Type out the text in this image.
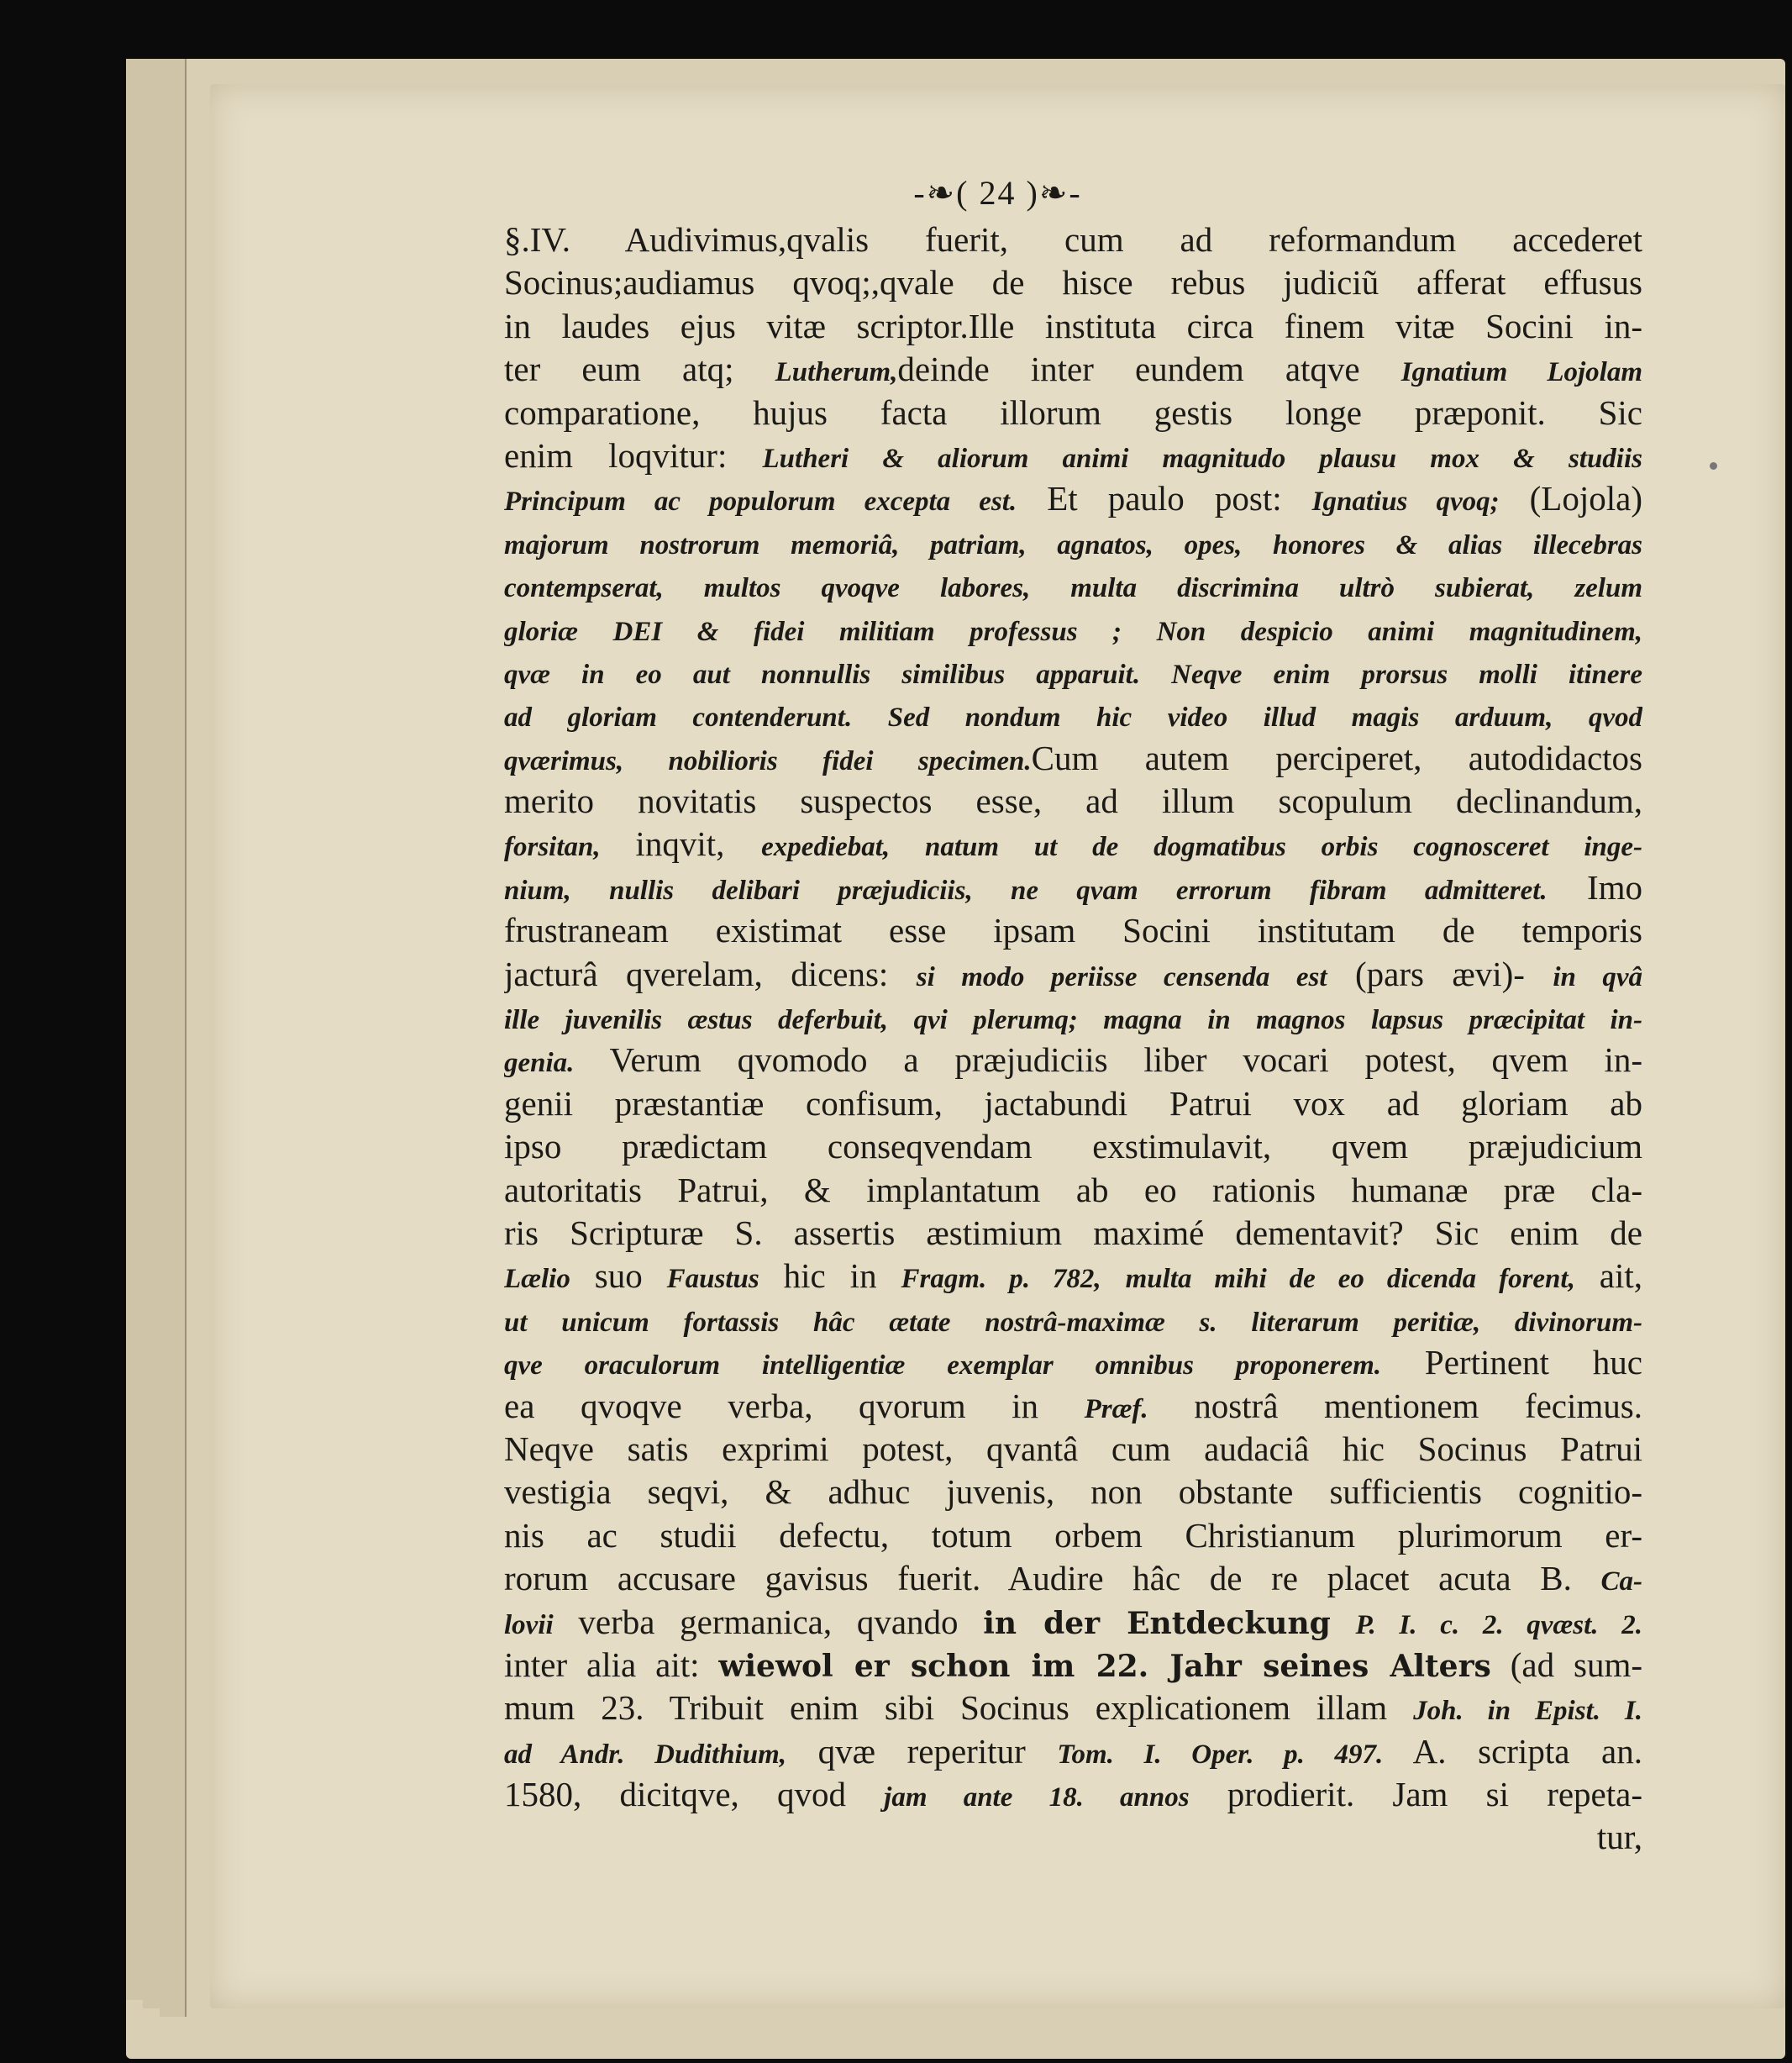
-❧( 24 )❧-
§.IV. Audivimus,qvalis fuerit, cum ad reformandum accederet
Socinus;audiamus qvoq;,qvale de hisce rebus judiciũ afferat effusus
in laudes ejus vitæ scriptor.Ille instituta circa finem vitæ Socini in-
ter eum atq; Lutherum,deinde inter eundem atqve Ignatium Lojolam
comparatione, hujus facta illorum gestis longe præponit. Sic
enim loqvitur: Lutheri & aliorum animi magnitudo plausu mox & studiis
Principum ac populorum excepta est. Et paulo post: Ignatius qvoq; (Lojola)
majorum nostrorum memoriâ, patriam, agnatos, opes, honores & alias illecebras
contempserat, multos qvoqve labores, multa discrimina ultrò subierat, zelum
gloriæ DEI & fidei militiam professus ; Non despicio animi magnitudinem,
qvæ in eo aut nonnullis similibus apparuit. Neqve enim prorsus molli itinere
ad gloriam contenderunt. Sed nondum hic video illud magis arduum, qvod
qværimus, nobilioris fidei specimen.Cum autem perciperet, autodidactos
merito novitatis suspectos esse, ad illum scopulum declinandum,
forsitan, inqvit, expediebat, natum ut de dogmatibus orbis cognosceret inge-
nium, nullis delibari præjudiciis, ne qvam errorum fibram admitteret. Imo
frustraneam existimat esse ipsam Socini institutam de temporis
jacturâ qverelam, dicens: si modo periisse censenda est (pars ævi)- in qvâ
ille juvenilis æstus deferbuit, qvi plerumq; magna in magnos lapsus præcipitat in-
genia. Verum qvomodo a præjudiciis liber vocari potest, qvem in-
genii præstantiæ confisum, jactabundi Patrui vox ad gloriam ab
ipso prædictam conseqvendam exstimulavit, qvem præjudicium
autoritatis Patrui, & implantatum ab eo rationis humanæ præ cla-
ris Scripturæ S. assertis æstimium maximé dementavit? Sic enim de
Lælio suo Faustus hic in Fragm. p. 782, multa mihi de eo dicenda forent, ait,
ut unicum fortassis hâc ætate nostrâ-maximæ s. literarum peritiæ, divinorum-
qve oraculorum intelligentiæ exemplar omnibus proponerem. Pertinent huc
ea qvoqve verba, qvorum in Præf. nostrâ mentionem fecimus.
Neqve satis exprimi potest, qvantâ cum audaciâ hic Socinus Patrui
vestigia seqvi, & adhuc juvenis, non obstante sufficientis cognitio-
nis ac studii defectu, totum orbem Christianum plurimorum er-
rorum accusare gavisus fuerit. Audire hâc de re placet acuta B. Ca-
lovii verba germanica, qvando in der Entdeckung P. I. c. 2. qvæst. 2.
inter alia ait: wiewol er schon im 22. Jahr seines Alters (ad sum-
mum 23. Tribuit enim sibi Socinus explicationem illam Joh. in Epist. I.
ad Andr. Dudithium, qvæ reperitur Tom. I. Oper. p. 497. A. scripta an.
1580, dicitqve, qvod jam ante 18. annos prodierit. Jam si repeta-
tur,
